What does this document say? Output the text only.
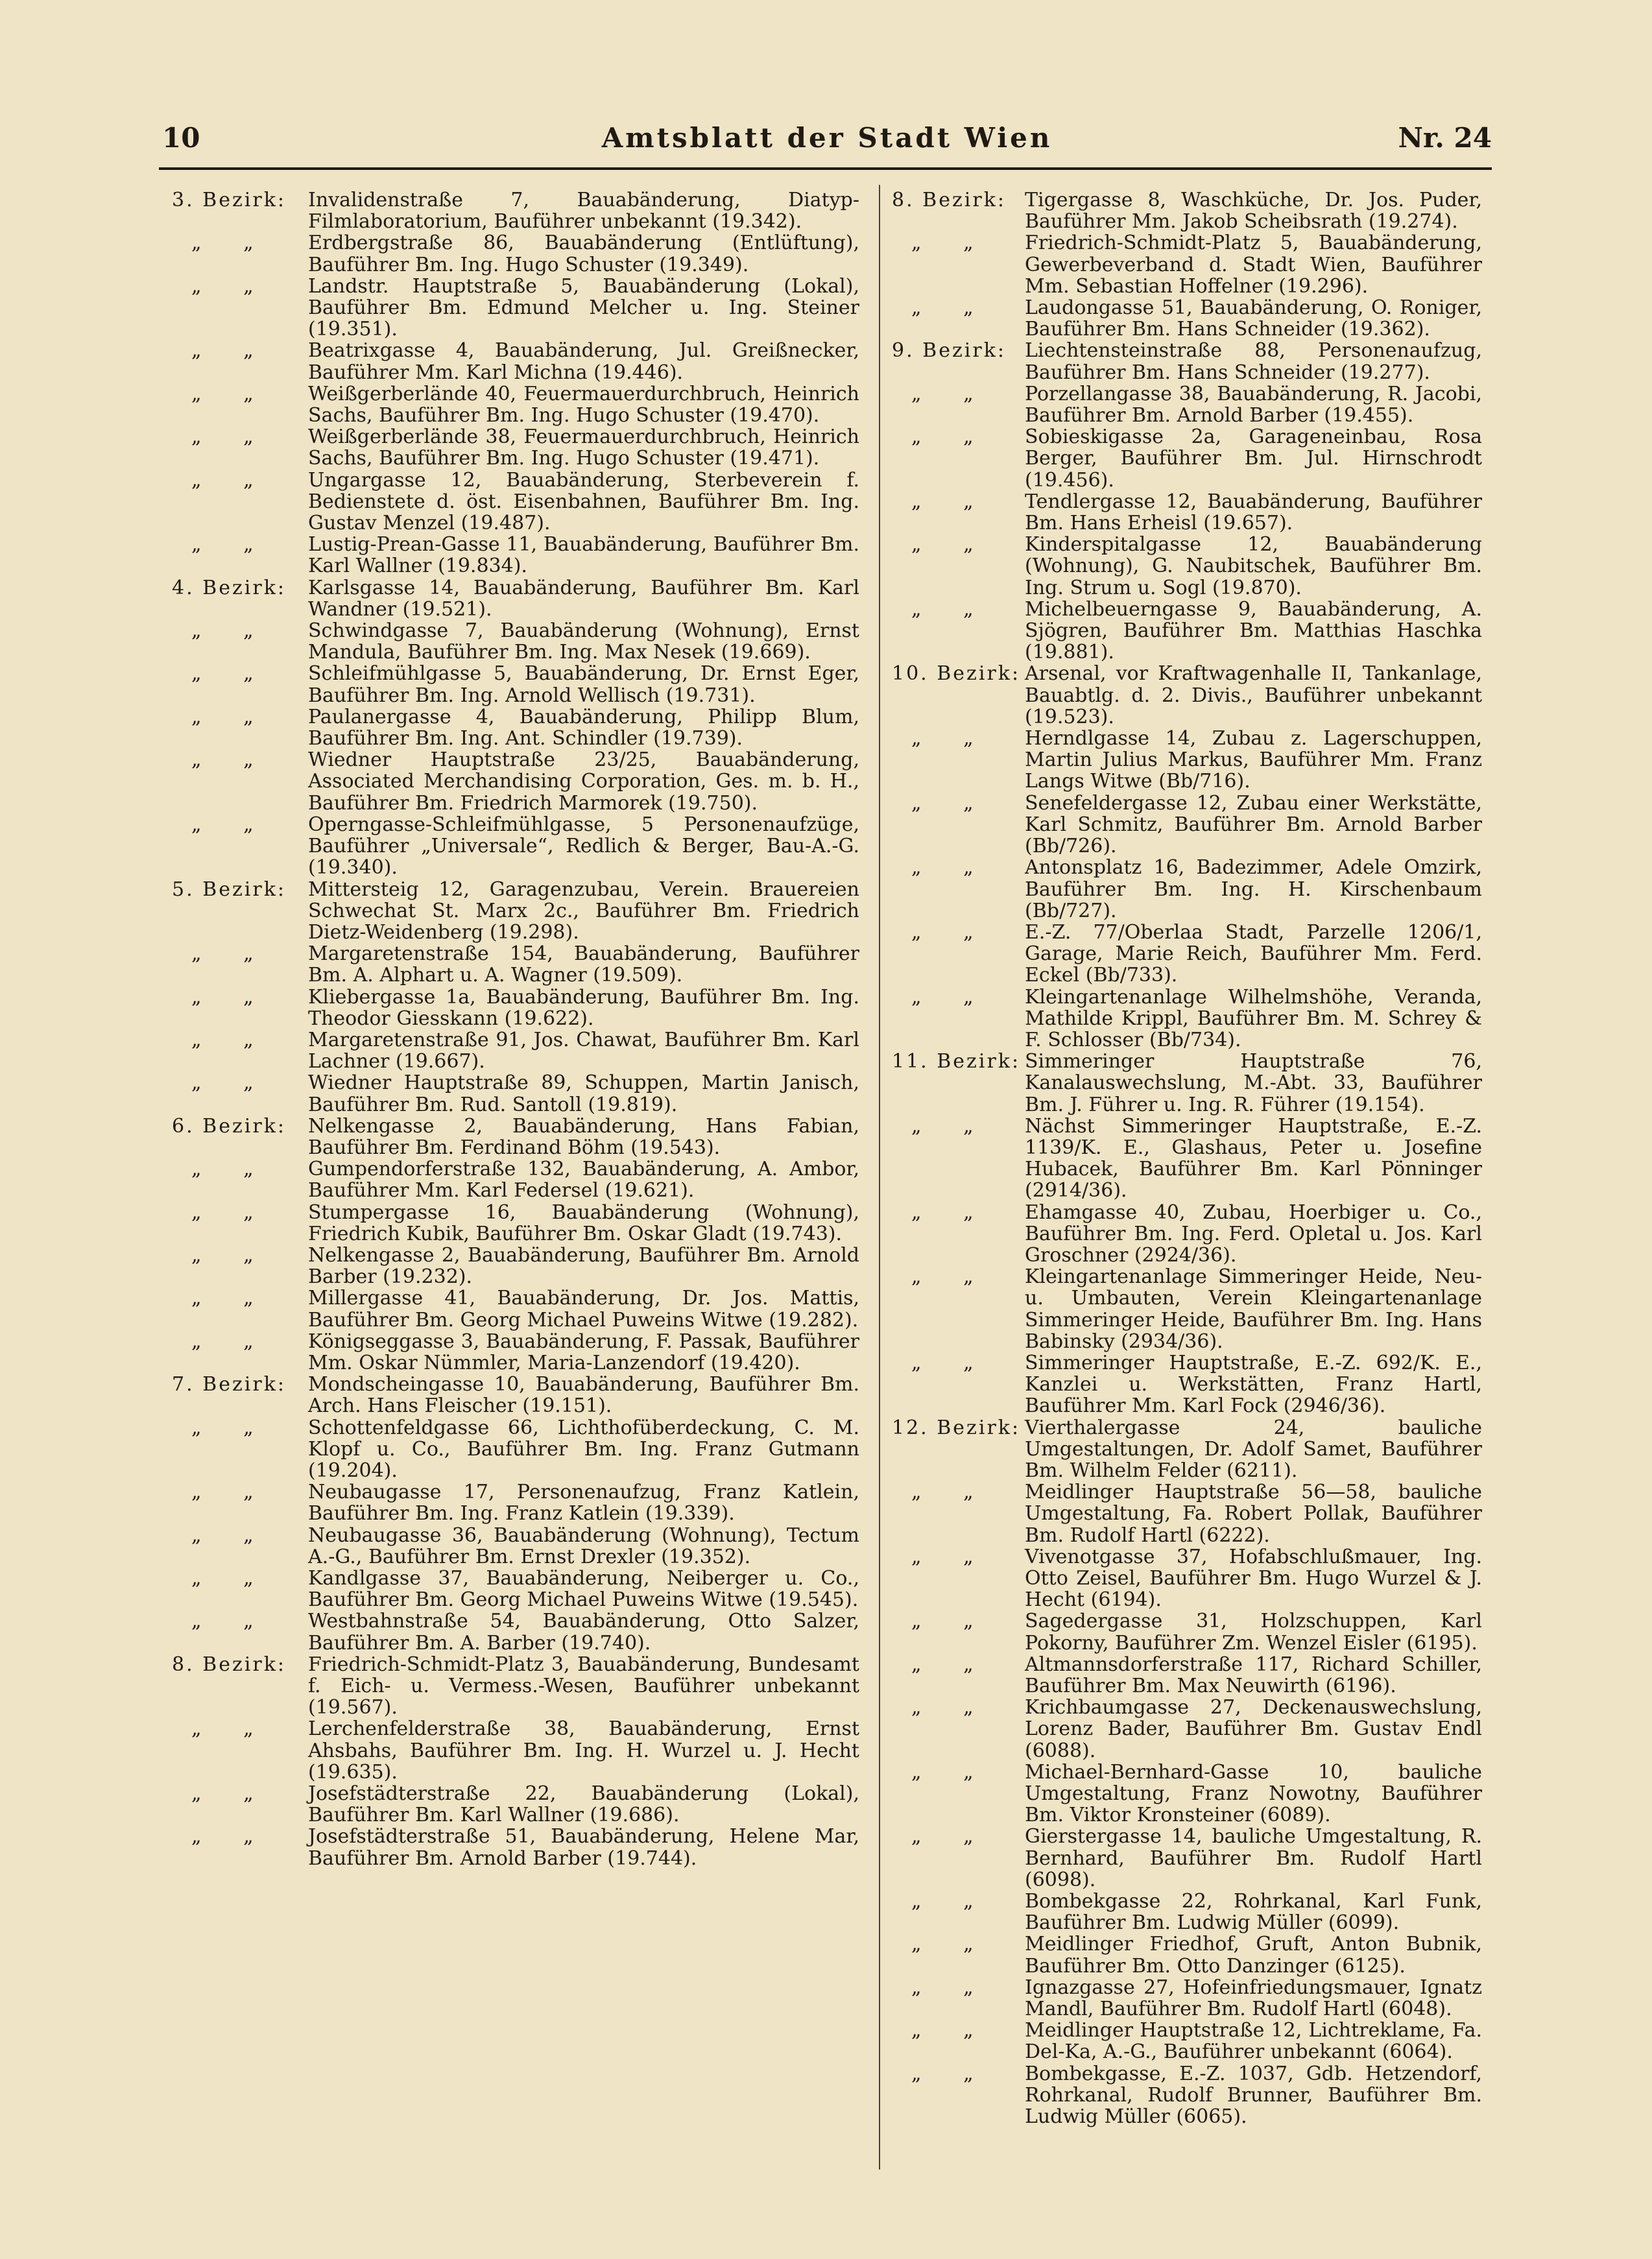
10	Amtsblatt der Stadt Wien	Nr. 24
3. Bezirk:	Invalidenstraße 7, Bauabänderung, Diatyp-Filmlaboratorium, Bauführer unbekannt (19.342).
„ „	Erdbergstraße 86, Bauabänderung (Entlüftung), Bauführer Bm. Ing. Hugo Schuster (19.349).
„ „	Landstr. Hauptstraße 5, Bauabänderung (Lokal), Bauführer Bm. Edmund Melcher u. Ing. Steiner (19.351).
„ „	Beatrixgasse 4, Bauabänderung, Jul. Greißnecker, Bauführer Mm. Karl Michna (19.446).
„ „	Weißgerberlände 40, Feuermauerdurchbruch, Heinrich Sachs, Bauführer Bm. Ing. Hugo Schuster (19.470).
„ „	Weißgerberlände 38, Feuermauerdurchbruch, Heinrich Sachs, Bauführer Bm. Ing. Hugo Schuster (19.471).
„ „	Ungargasse 12, Bauabänderung, Sterbeverein f. Bedienstete d. öst. Eisenbahnen, Bauführer Bm. Ing. Gustav Menzel (19.487).
„ „	Lustig-Prean-Gasse 11, Bauabänderung, Bauführer Bm. Karl Wallner (19.834).
4. Bezirk:	Karlsgasse 14, Bauabänderung, Bauführer Bm. Karl Wandner (19.521).
„ „	Schwindgasse 7, Bauabänderung (Wohnung), Ernst Mandula, Bauführer Bm. Ing. Max Nesek (19.669).
„ „	Schleifmühlgasse 5, Bauabänderung, Dr. Ernst Eger, Bauführer Bm. Ing. Arnold Wellisch (19.731).
„ „	Paulanergasse 4, Bauabänderung, Philipp Blum, Bauführer Bm. Ing. Ant. Schindler (19.739).
„ „	Wiedner Hauptstraße 23/25, Bauabänderung, Associated Merchandising Corporation, Ges. m. b. H., Bauführer Bm. Friedrich Marmorek (19.750).
„ „	Operngasse-Schleifmühlgasse, 5 Personenaufzüge, Bauführer „Universale“, Redlich & Berger, Bau-A.-G. (19.340).
5. Bezirk:	Mittersteig 12, Garagenzubau, Verein. Brauereien Schwechat St. Marx 2c., Bauführer Bm. Friedrich Dietz-Weidenberg (19.298).
„ „	Margaretenstraße 154, Bauabänderung, Bauführer Bm. A. Alphart u. A. Wagner (19.509).
„ „	Kliebergasse 1a, Bauabänderung, Bauführer Bm. Ing. Theodor Giesskann (19.622).
„ „	Margaretenstraße 91, Jos. Chawat, Bauführer Bm. Karl Lachner (19.667).
„ „	Wiedner Hauptstraße 89, Schuppen, Martin Janisch, Bauführer Bm. Rud. Santoll (19.819).
6. Bezirk:	Nelkengasse 2, Bauabänderung, Hans Fabian, Bauführer Bm. Ferdinand Böhm (19.543).
„ „	Gumpendorferstraße 132, Bauabänderung, A. Ambor, Bauführer Mm. Karl Federsel (19.621).
„ „	Stumpergasse 16, Bauabänderung (Wohnung), Friedrich Kubik, Bauführer Bm. Oskar Gladt (19.743).
„ „	Nelkengasse 2, Bauabänderung, Bauführer Bm. Arnold Barber (19.232).
„ „	Millergasse 41, Bauabänderung, Dr. Jos. Mattis, Bauführer Bm. Georg Michael Puweins Witwe (19.282).
„ „	Königseggasse 3, Bauabänderung, F. Passak, Bauführer Mm. Oskar Nümmler, Maria-Lanzendorf (19.420).
7. Bezirk:	Mondscheingasse 10, Bauabänderung, Bauführer Bm. Arch. Hans Fleischer (19.151).
„ „	Schottenfeldgasse 66, Lichthofüberdeckung, C. M. Klopf u. Co., Bauführer Bm. Ing. Franz Gutmann (19.204).
„ „	Neubaugasse 17, Personenaufzug, Franz Katlein, Bauführer Bm. Ing. Franz Katlein (19.339).
„ „	Neubaugasse 36, Bauabänderung (Wohnung), Tectum A.-G., Bauführer Bm. Ernst Drexler (19.352).
„ „	Kandlgasse 37, Bauabänderung, Neiberger u. Co., Bauführer Bm. Georg Michael Puweins Witwe (19.545).
„ „	Westbahnstraße 54, Bauabänderung, Otto Salzer, Bauführer Bm. A. Barber (19.740).
8. Bezirk:	Friedrich-Schmidt-Platz 3, Bauabänderung, Bundesamt f. Eich- u. Vermess.-Wesen, Bauführer unbekannt (19.567).
„ „	Lerchenfelderstraße 38, Bauabänderung, Ernst Ahsbahs, Bauführer Bm. Ing. H. Wurzel u. J. Hecht (19.635).
„ „	Josefstädterstraße 22, Bauabänderung (Lokal), Bauführer Bm. Karl Wallner (19.686).
„ „	Josefstädterstraße 51, Bauabänderung, Helene Mar, Bauführer Bm. Arnold Barber (19.744).
8. Bezirk: Tigergasse 8, Waschküche, Dr. Jos. Puder, Bauführer Mm. Jakob Scheibsrath (19.274).
„ „	Friedrich-Schmidt-Platz 5, Bauabänderung, Gewerbeverband d. Stadt Wien, Bauführer Mm. Sebastian Hoffelner (19.296).
„ „	Laudongasse 51, Bauabänderung, O. Roniger, Bauführer Bm. Hans Schneider (19.362).
9. Bezirk: Liechtensteinstraße 88, Personenaufzug, Bauführer Bm. Hans Schneider (19.277).
„ „	Porzellangasse 38, Bauabänderung, R. Jacobi, Bauführer Bm. Arnold Barber (19.455).
„ „	Sobieskigasse 2a, Garageneinbau, Rosa Berger, Bauführer Bm. Jul. Hirnschrodt (19.456).
„ „	Tendlergasse 12, Bauabänderung, Bauführer Bm. Hans Erheisl (19.657).
„ „	Kinderspitalgasse 12, Bauabänderung (Wohnung), G. Naubitschek, Bauführer Bm. Ing. Strum u. Sogl (19.870).
„ „	Michelbeuerngasse 9, Bauabänderung, A. Sjögren, Bauführer Bm. Matthias Haschka (19.881).
10. Bezirk: Arsenal, vor Kraftwagenhalle II, Tankanlage, Bauabtlg. d. 2. Divis., Bauführer unbekannt (19.523).
„ „	Herndlgasse 14, Zubau z. Lagerschuppen, Martin Julius Markus, Bauführer Mm. Franz Langs Witwe (Bb/716).
„ „	Senefeldergasse 12, Zubau einer Werkstätte, Karl Schmitz, Bauführer Bm. Arnold Barber (Bb/726).
„ „	Antonsplatz 16, Badezimmer, Adele Omzirk, Bauführer Bm. Ing. H. Kirschenbaum (Bb/727).
„ „	E.-Z. 77/Oberlaa Stadt, Parzelle 1206/1, Garage, Marie Reich, Bauführer Mm. Ferd. Eckel (Bb/733).
„ „	Kleingartenanlage Wilhelmshöhe, Veranda, Mathilde Krippl, Bauführer Bm. M. Schrey & F. Schlosser (Bb/734).
11. Bezirk: Simmeringer Hauptstraße 76, Kanalauswechslung, M.-Abt. 33, Bauführer Bm. J. Führer u. Ing. R. Führer (19.154).
„ „	Nächst Simmeringer Hauptstraße, E.-Z. 1139/K. E., Glashaus, Peter u. Josefine Hubacek, Bauführer Bm. Karl Pönninger (2914/36).
„ „	Ehamgasse 40, Zubau, Hoerbiger u. Co., Bauführer Bm. Ing. Ferd. Opletal u. Jos. Karl Groschner (2924/36).
„ „	Kleingartenanlage Simmeringer Heide, Neu- u. Umbauten, Verein Kleingartenanlage Simmeringer Heide, Bauführer Bm. Ing. Hans Babinsky (2934/36).
„ „	Simmeringer Hauptstraße, E.-Z. 692/K. E., Kanzlei u. Werkstätten, Franz Hartl, Bauführer Mm. Karl Fock (2946/36).
12. Bezirk: Vierthalergasse 24, bauliche Umgestaltungen, Dr. Adolf Samet, Bauführer Bm. Wilhelm Felder (6211).
„ „	Meidlinger Hauptstraße 56—58, bauliche Umgestaltung, Fa. Robert Pollak, Bauführer Bm. Rudolf Hartl (6222).
„ „	Vivenotgasse 37, Hofabschlußmauer, Ing. Otto Zeisel, Bauführer Bm. Hugo Wurzel & J. Hecht (6194).
„ „	Sagedergasse 31, Holzschuppen, Karl Pokorny, Bauführer Zm. Wenzel Eisler (6195).
„ „	Altmannsdorferstraße 117, Richard Schiller, Bauführer Bm. Max Neuwirth (6196).
„ „	Krichbaumgasse 27, Deckenauswechslung, Lorenz Bader, Bauführer Bm. Gustav Endl (6088).
„ „	Michael-Bernhard-Gasse 10, bauliche Umgestaltung, Franz Nowotny, Bauführer Bm. Viktor Kronsteiner (6089).
„ „	Gierstergasse 14, bauliche Umgestaltung, R. Bernhard, Bauführer Bm. Rudolf Hartl (6098).
„ „	Bombekgasse 22, Rohrkanal, Karl Funk, Bauführer Bm. Ludwig Müller (6099).
„ „	Meidlinger Friedhof, Gruft, Anton Bubnik, Bauführer Bm. Otto Danzinger (6125).
„ „	Ignazgasse 27, Hofeinfriedungsmauer, Ignatz Mandl, Bauführer Bm. Rudolf Hartl (6048).
„ „	Meidlinger Hauptstraße 12, Lichtreklame, Fa. Del-Ka, A.-G., Bauführer unbekannt (6064).
„ „	Bombekgasse, E.-Z. 1037, Gdb. Hetzendorf, Rohrkanal, Rudolf Brunner, Bauführer Bm. Ludwig Müller (6065).
